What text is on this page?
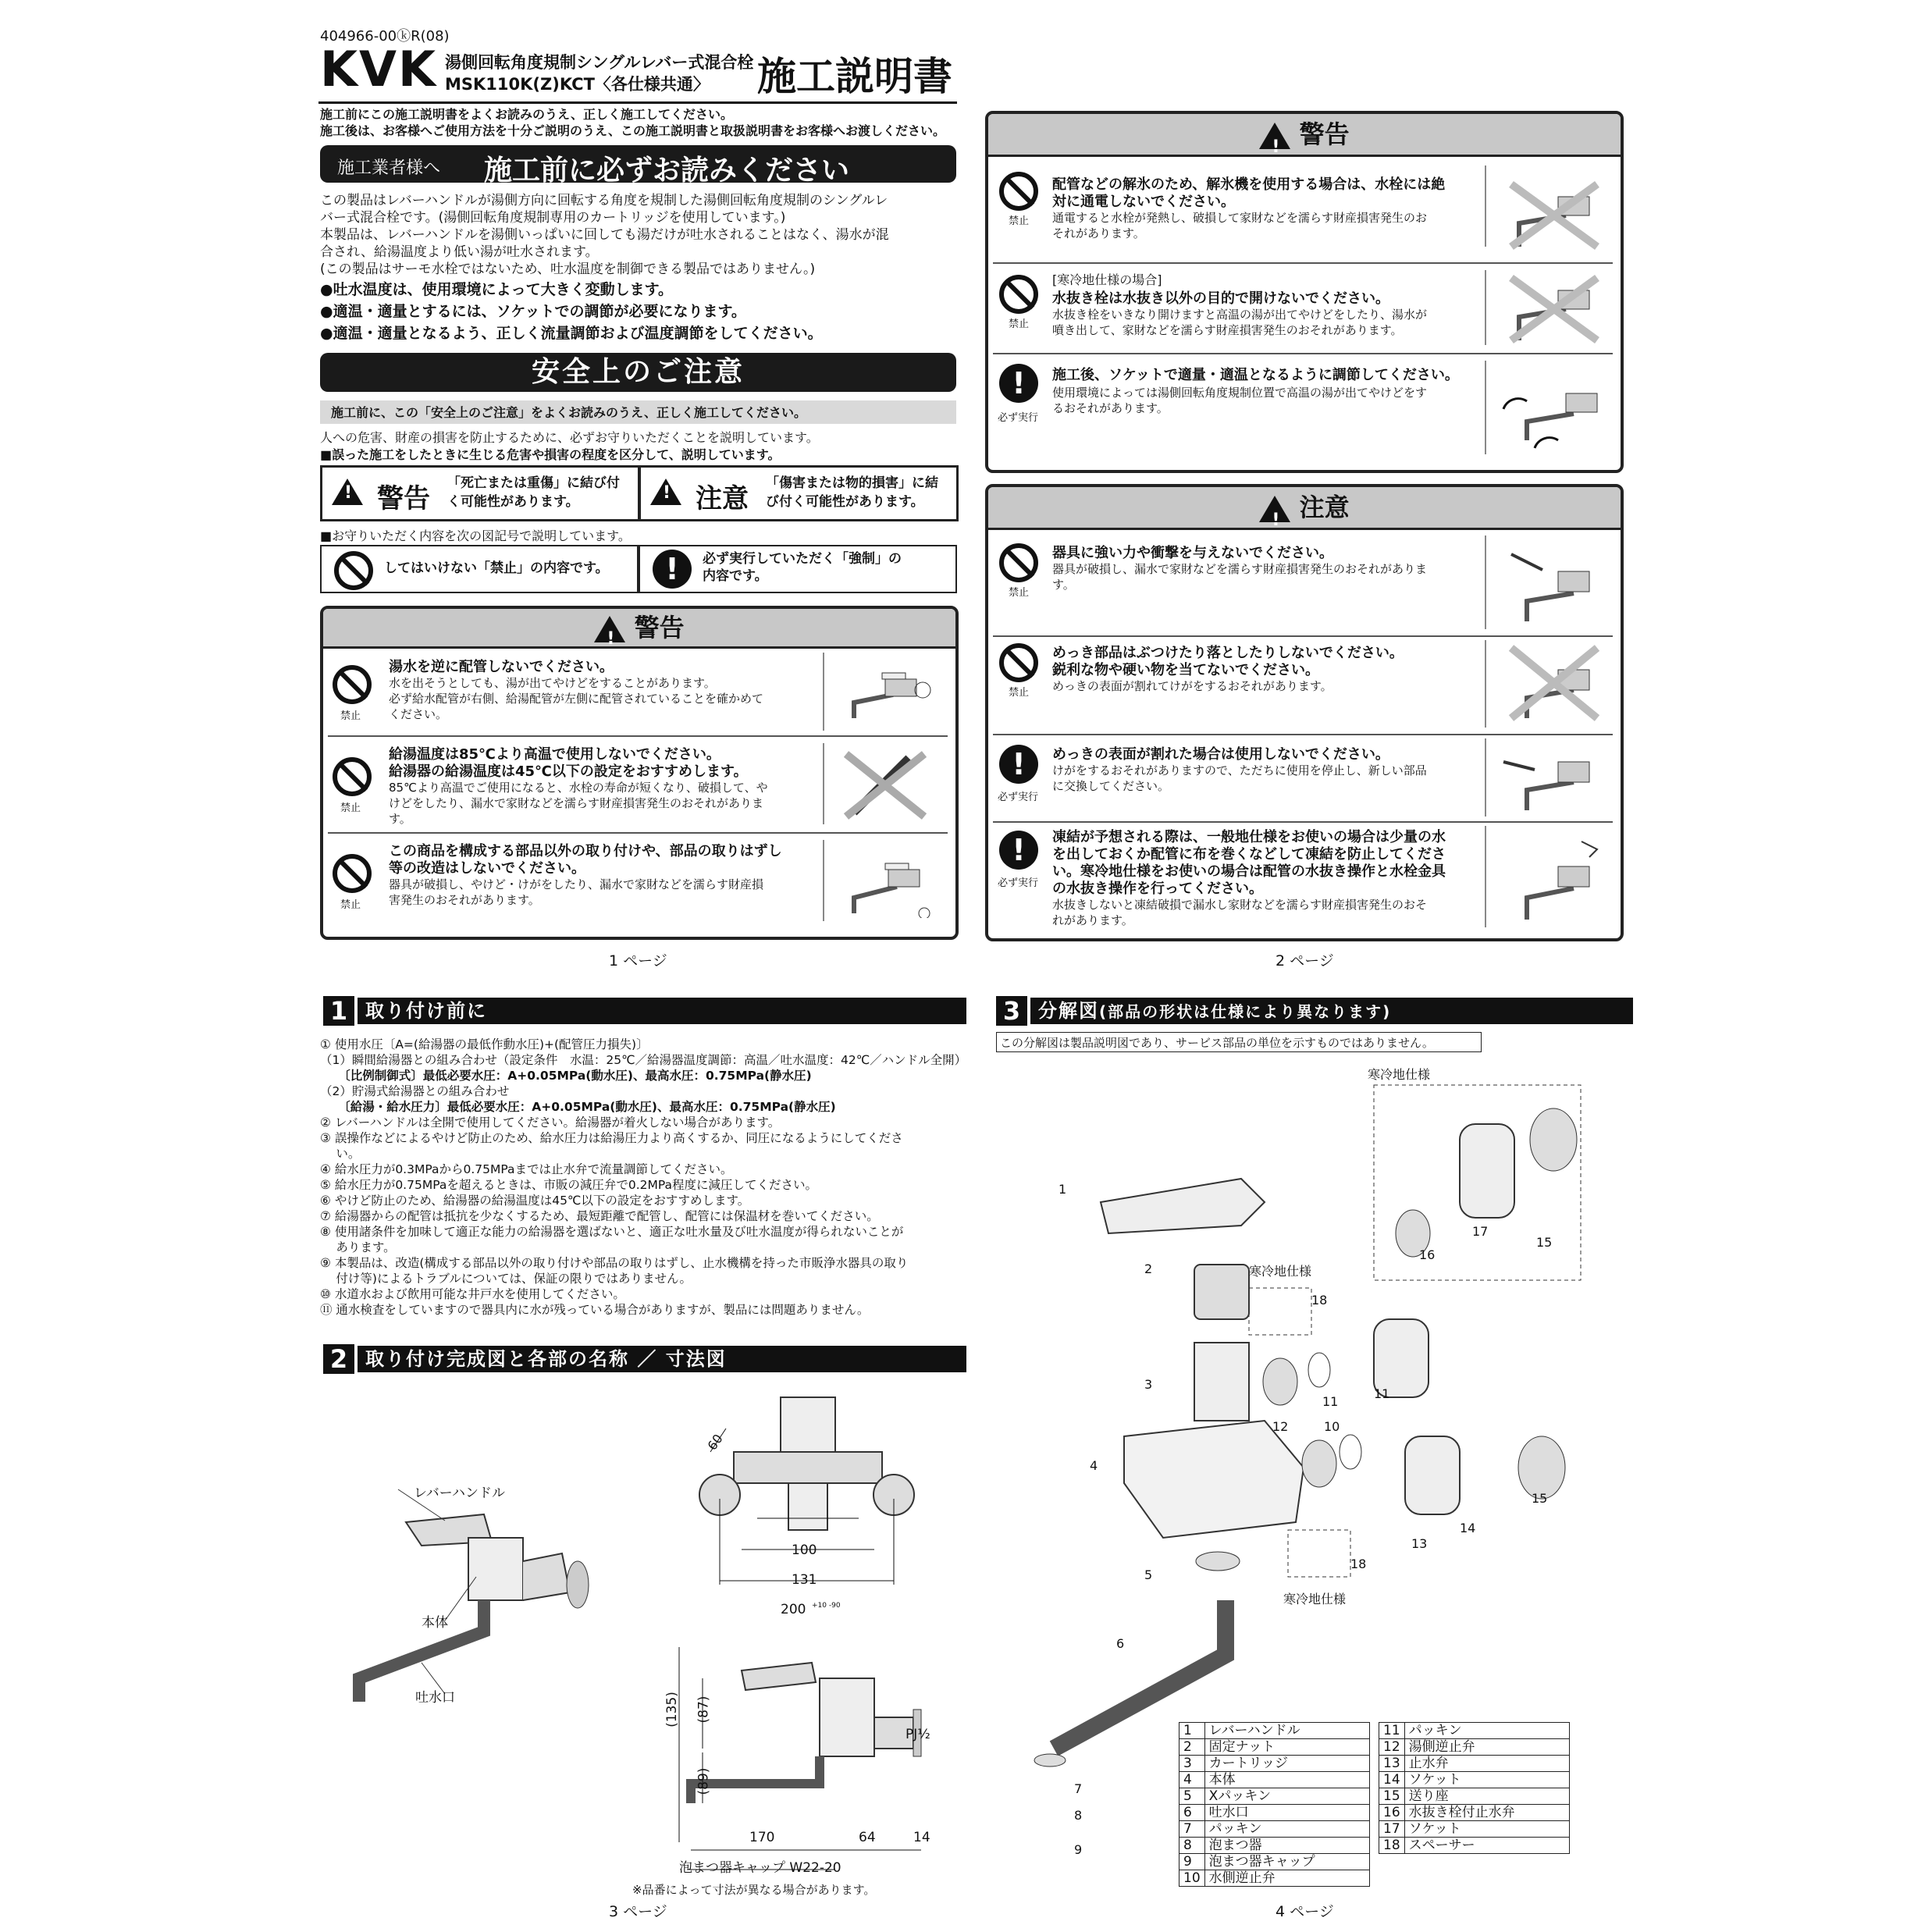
404966-00ⓚR(08)
KVK 湯側回転角度規制シングルレバー式混合栓
MSK110K(Z)KCT〈各仕様共通〉 施工説明書
施工前にこの施工説明書をよくお読みのうえ、正しく施工してください。
施工後は、お客様へご使用方法を十分ご説明のうえ、この施工説明書と取扱説明書をお客様へお渡しください。
施工業者様へ 施工前に必ずお読みください
この製品はレバーハンドルが湯側方向に回転する角度を規制した湯側回転角度規制のシングルレ
バー式混合栓です。(湯側回転角度規制専用のカートリッジを使用しています。)
本製品は、レバーハンドルを湯側いっぱいに回しても湯だけが吐水されることはなく、湯水が混
合され、給湯温度より低い湯が吐水されます。
(この製品はサーモ水栓ではないため、吐水温度を制御できる製品ではありません。)
●吐水温度は、使用環境によって大きく変動します。
●適温・適量とするには、ソケットでの調節が必要になります。
●適温・適量となるよう、正しく流量調節および温度調節をしてください。
安全上のご注意
施工前に、この「安全上のご注意」をよくお読みのうえ、正しく施工してください。
人への危害、財産の損害を防止するために、必ずお守りいただくことを説明しています。
■誤った施工をしたときに生じる危害や損害の程度を区分して、説明しています。
!
警告 「死亡または重傷」に結び付
く可能性があります。 !	注意 「傷害または物的損害」に結
び付く可能性があります。
■お守りいただく内容を次の図記号で説明しています。
してはいけない「禁止」の内容です。	!	必ず実行していただく「強制」の
内容です。
! 警告
禁止
湯水を逆に配管しないでください。
水を出そうとしても、湯が出てやけどをすることがあります。
必ず給水配管が右側、給湯配管が左側に配管されていることを確かめて
ください。
禁止
給湯温度は85℃より高温で使用しないでください。
給湯器の給湯温度は45℃以下の設定をおすすめします。
85℃より高温でご使用になると、水栓の寿命が短くなり、破損して、や
けどをしたり、漏水で家財などを濡らす財産損害発生のおそれがありま
す。
禁止
この商品を構成する部品以外の取り付けや、部品の取りはずし
等の改造はしないでください。
器具が破損し、やけど・けがをしたり、漏水で家財などを濡らす財産損
害発生のおそれがあります。
1 ページ
! 警告
禁止
配管などの解氷のため、解氷機を使用する場合は、水栓には絶
対に通電しないでください。
通電すると水栓が発熱し、破損して家財などを濡らす財産損害発生のお
それがあります。
禁止
[寒冷地仕様の場合]
水抜き栓は水抜き以外の目的で開けないでください。
水抜き栓をいきなり開けますと高温の湯が出てやけどをしたり、湯水が
噴き出して、家財などを濡らす財産損害発生のおそれがあります。
!
必ず実行
施工後、ソケットで適量・適温となるように調節してください。
使用環境によっては湯側回転角度規制位置で高温の湯が出てやけどをす
るおそれがあります。
! 注意
禁止
器具に強い力や衝撃を与えないでください。
器具が破損し、漏水で家財などを濡らす財産損害発生のおそれがありま
す。
禁止
めっき部品はぶつけたり落としたりしないでください。
鋭利な物や硬い物を当てないでください。
めっきの表面が割れてけがをするおそれがあります。
!
必ず実行
めっきの表面が割れた場合は使用しないでください。
けがをするおそれがありますので、ただちに使用を停止し、新しい部品
に交換してください。
!
必ず実行
凍結が予想される際は、一般地仕様をお使いの場合は少量の水
を出しておくか配管に布を巻くなどして凍結を防止してくださ
い。寒冷地仕様をお使いの場合は配管の水抜き操作と水栓金具
の水抜き操作を行ってください。
水抜きしないと凍結破損で漏水し家財などを濡らす財産損害発生のおそ
れがあります。
2 ページ
1 取り付け前に
① 使用水圧〔A=(給湯器の最低作動水圧)+(配管圧力損失)〕
（1）瞬間給湯器との組み合わせ（設定条件　水温：25℃／給湯器温度調節：高温／吐水温度：42℃／ハンドル全開）
　　〔比例制御式〕最低必要水圧：A+0.05MPa(動水圧)、最高水圧：0.75MPa(静水圧)
（2）貯湯式給湯器との組み合わせ
　　〔給湯・給水圧力〕最低必要水圧：A+0.05MPa(動水圧)、最高水圧：0.75MPa(静水圧)
② レバーハンドルは全開で使用してください。給湯器が着火しない場合があります。
③ 誤操作などによるやけど防止のため、給水圧力は給湯圧力より高くするか、同圧になるようにしてくださ
　 い。
④ 給水圧力が0.3MPaから0.75MPaまでは止水弁で流量調節してください。
⑤ 給水圧力が0.75MPaを超えるときは、市販の減圧弁で0.2MPa程度に減圧してください。
⑥ やけど防止のため、給湯器の給湯温度は45℃以下の設定をおすすめします。
⑦ 給湯器からの配管は抵抗を少なくするため、最短距離で配管し、配管には保温材を巻いてください。
⑧ 使用諸条件を加味して適正な能力の給湯器を選ばないと、適正な吐水量及び吐水温度が得られないことが
　 あります。
⑨ 本製品は、改造(構成する部品以外の取り付けや部品の取りはずし、止水機構を持った市販浄水器具の取り
　 付け等)によるトラブルについては、保証の限りではありません。
⑩ 水道水および飲用可能な井戸水を使用してください。
⑪ 通水検査をしていますので器具内に水が残っている場合がありますが、製品には問題ありません。
2 取り付け完成図と各部の名称 ／ 寸法図
レバーハンドル
本体
吐水口
60
100
131
200 +10 -90
(135) (87)
(89)
170	64	14
PJ½
泡まつ器キャップ W22-20
※品番によって寸法が異なる場合があります。
3 ページ
3 分解図(部品の形状は仕様により異なります)
この分解図は製品説明図であり、サービス部品の単位を示すものではありません。
1
2
3
4
5
6
7
8
9
10
11
11
12
13
14
15
15
16
17
18
18
寒冷地仕様
寒冷地仕様
寒冷地仕様
1	レバーハンドル
2	固定ナット
3	カートリッジ
4	本体
5	Xパッキン
6	吐水口
7	パッキン
8	泡まつ器
9	泡まつ器キャップ
10	水側逆止弁
11	パッキン
12	湯側逆止弁
13	止水弁
14	ソケット
15	送り座
16	水抜き栓付止水弁
17	ソケット
18	スペーサー
4 ページ
